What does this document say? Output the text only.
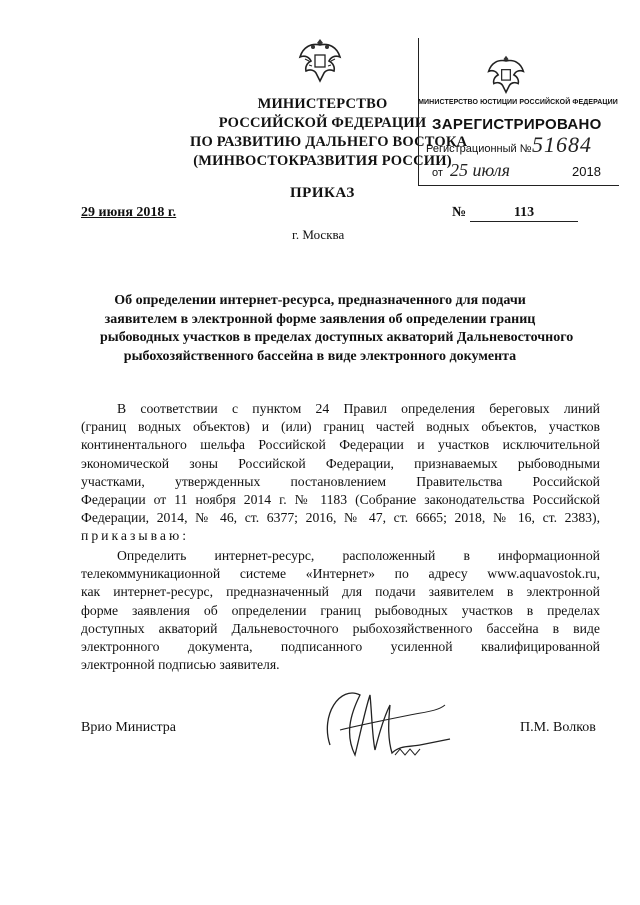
МИНИСТЕРСТВО
РОССИЙСКОЙ ФЕДЕРАЦИИ
ПО РАЗВИТИЮ ДАЛЬНЕГО ВОСТОКА
(МИНВОСТОКРАЗВИТИЯ РОССИИ)
МИНИСТЕРСТВО ЮСТИЦИИ РОССИЙСКОЙ ФЕДЕРАЦИИ
ЗАРЕГИСТРИРОВАНО
Регистрационный № 51684
от 25 июля	2018
ПРИКАЗ
29 июня 2018 г.	№	113
г. Москва
Об определении интернет-ресурса, предназначенного для подачи
заявителем в электронной форме заявления об определении границ
рыбоводных участков в пределах доступных акваторий Дальневосточного
рыбохозяйственного бассейна в виде электронного документа
В соответствии с пунктом 24 Правил определения береговых линий
(границ водных объектов) и (или) границ частей водных объектов, участков
континентального шельфа Российской Федерации и участков исключительной
экономической зоны Российской Федерации, признаваемых рыбоводными
участками, утвержденных постановлением Правительства Российской
Федерации от 11 ноября 2014 г. № 1183 (Собрание законодательства Российской
Федерации, 2014, № 46, ст. 6377; 2016, № 47, ст. 6665; 2018, № 16, ст. 2383),
приказываю:
Определить интернет-ресурс, расположенный в информационной
телекоммуникационной системе «Интернет» по адресу www.aquavostok.ru,
как интернет-ресурс, предназначенный для подачи заявителем в электронной
форме заявления об определении границ рыбоводных участков в пределах
доступных акваторий Дальневосточного рыбохозяйственного бассейна в виде
электронного документа, подписанного усиленной квалифицированной
электронной подписью заявителя.
Врио Министра	П.М. Волков
